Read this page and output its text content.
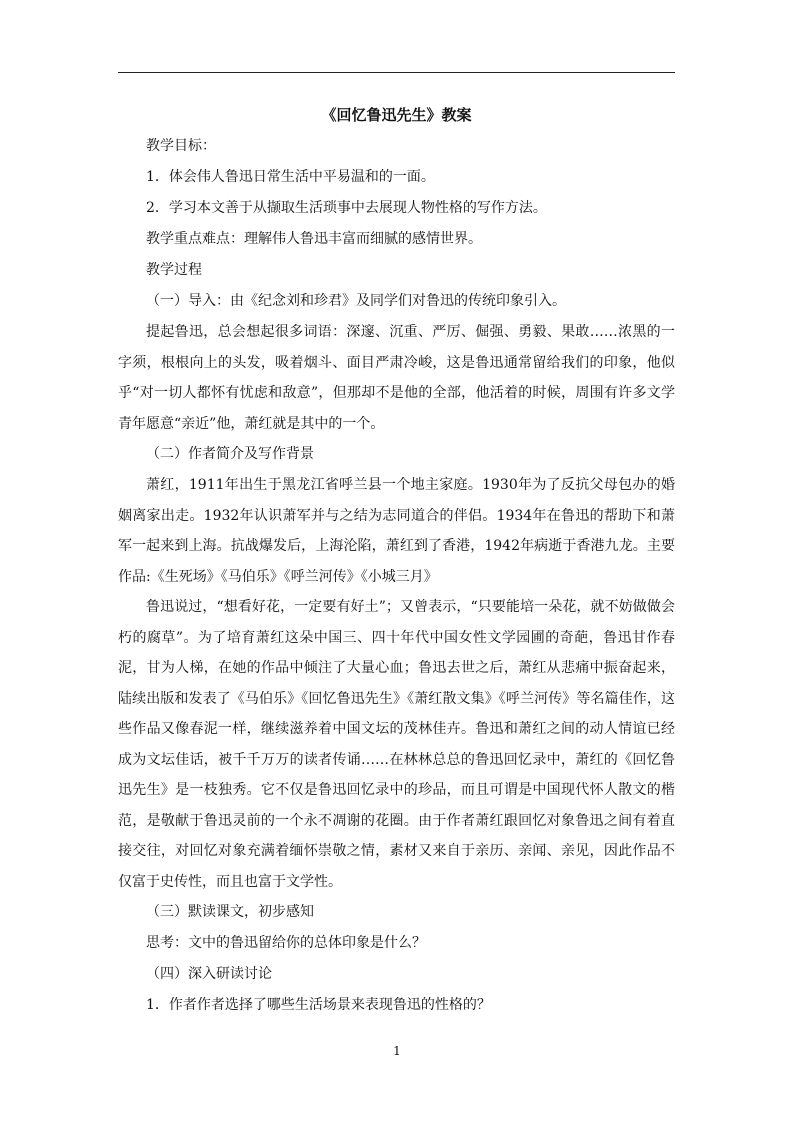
《回忆鲁迅先生》教案

教学目标：

1．体会伟人鲁迅日常生活中平易温和的一面。

2．学习本文善于从撷取生活琐事中去展现人物性格的写作方法。

教学重点难点：理解伟人鲁迅丰富而细腻的感情世界。

教学过程

（一）导入：由《纪念刘和珍君》及同学们对鲁迅的传统印象引入。

提起鲁迅，总会想起很多词语：深邃、沉重、严厉、倔强、勇毅、果敢……浓黑的一字须，根根向上的头发，吸着烟斗、面目严肃冷峻，这是鲁迅通常留给我们的印象，他似乎“对一切人都怀有忧虑和敌意”，但那却不是他的全部，他活着的时候，周围有许多文学青年愿意“亲近”他，萧红就是其中的一个。

（二）作者简介及写作背景

萧红，1911年出生于黑龙江省呼兰县一个地主家庭。1930年为了反抗父母包办的婚姻离家出走。1932年认识萧军并与之结为志同道合的伴侣。1934年在鲁迅的帮助下和萧军一起来到上海。抗战爆发后，上海沦陷，萧红到了香港，1942年病逝于香港九龙。主要作品:《生死场》《马伯乐》《呼兰河传》《小城三月》

鲁迅说过，“想看好花，一定要有好土”；又曾表示，“只要能培一朵花，就不妨做做会朽的腐草”。为了培育萧红这朵中国三、四十年代中国女性文学园圃的奇葩，鲁迅甘作春泥，甘为人梯，在她的作品中倾注了大量心血；鲁迅去世之后，萧红从悲痛中振奋起来，陆续出版和发表了《马伯乐》《回忆鲁迅先生》《萧红散文集》《呼兰河传》等名篇佳作，这些作品又像春泥一样，继续滋养着中国文坛的茂林佳卉。鲁迅和萧红之间的动人情谊已经成为文坛佳话，被千千万万的读者传诵……在林林总总的鲁迅回忆录中，萧红的《回忆鲁迅先生》是一枝独秀。它不仅是鲁迅回忆录中的珍品，而且可谓是中国现代怀人散文的楷范，是敬献于鲁迅灵前的一个永不凋谢的花圈。由于作者萧红跟回忆对象鲁迅之间有着直接交往，对回忆对象充满着缅怀崇敬之情，素材又来自于亲历、亲闻、亲见，因此作品不仅富于史传性，而且也富于文学性。

（三）默读课文，初步感知

思考：文中的鲁迅留给你的总体印象是什么？

（四）深入研读讨论

1．作者作者选择了哪些生活场景来表现鲁迅的性格的？

1
